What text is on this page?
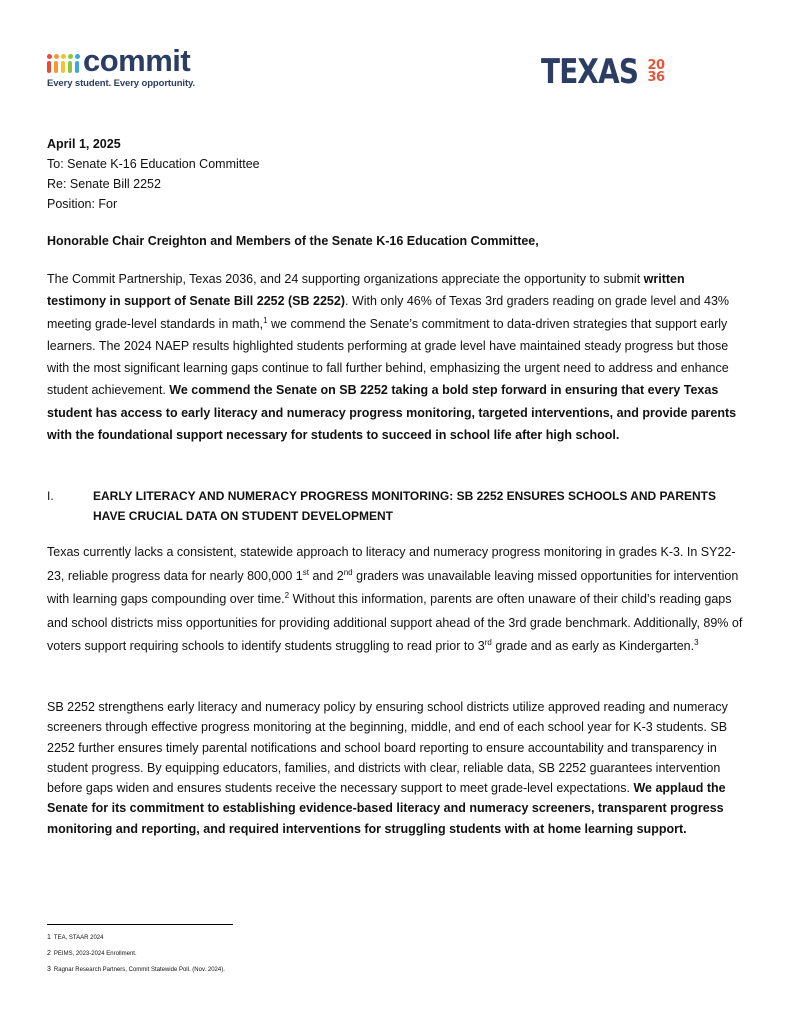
commit
Every student. Every opportunity.	TEXAS 20
36
April 1, 2025
To: Senate K-16 Education Committee
Re: Senate Bill 2252
Position: For
Honorable Chair Creighton and Members of the Senate K-16 Education Committee,
The Commit Partnership, Texas 2036, and 24 supporting organizations appreciate the opportunity to submit written testimony in support of Senate Bill 2252 (SB 2252). With only 46% of Texas 3rd graders reading on grade level and 43% meeting grade-level standards in math,$^1$ we commend the Senate’s commitment to data-driven strategies that support early learners. The 2024 NAEP results highlighted students performing at grade level have maintained steady progress but those with the most significant learning gaps continue to fall further behind, emphasizing the urgent need to address and enhance student achievement. We commend the Senate on SB 2252 taking a bold step forward in ensuring that every Texas student has access to early literacy and numeracy progress monitoring, targeted interventions, and provide parents with the foundational support necessary for students to succeed in school life after high school.
I.	EARLY LITERACY AND NUMERACY PROGRESS MONITORING: SB 2252 ENSURES SCHOOLS AND PARENTS HAVE CRUCIAL DATA ON STUDENT DEVELOPMENT
Texas currently lacks a consistent, statewide approach to literacy and numeracy progress monitoring in grades K-3. In SY22-23, reliable progress data for nearly 800,000 1st and 2nd graders was unavailable leaving missed opportunities for intervention with learning gaps compounding over time.$^2$ Without this information, parents are often unaware of their child’s reading gaps and school districts miss opportunities for providing additional support ahead of the 3rd grade benchmark. Additionally, 89% of voters support requiring schools to identify students struggling to read prior to 3rd grade and as early as Kindergarten.$^3$
SB 2252 strengthens early literacy and numeracy policy by ensuring school districts utilize approved reading and numeracy screeners through effective progress monitoring at the beginning, middle, and end of each school year for K-3 students. SB 2252 further ensures timely parental notifications and school board reporting to ensure accountability and transparency in student progress. By equipping educators, families, and districts with clear, reliable data, SB 2252 guarantees intervention before gaps widen and ensures students receive the necessary support to meet grade-level expectations. We applaud the Senate for its commitment to establishing evidence-based literacy and numeracy screeners, transparent progress monitoring and reporting, and required interventions for struggling students with at home learning support.
1 TEA, STAAR 2024
2 PEIMS, 2023-2024 Enrollment.
3 Ragnar Research Partners, Commit Statewide Poll. (Nov. 2024).
